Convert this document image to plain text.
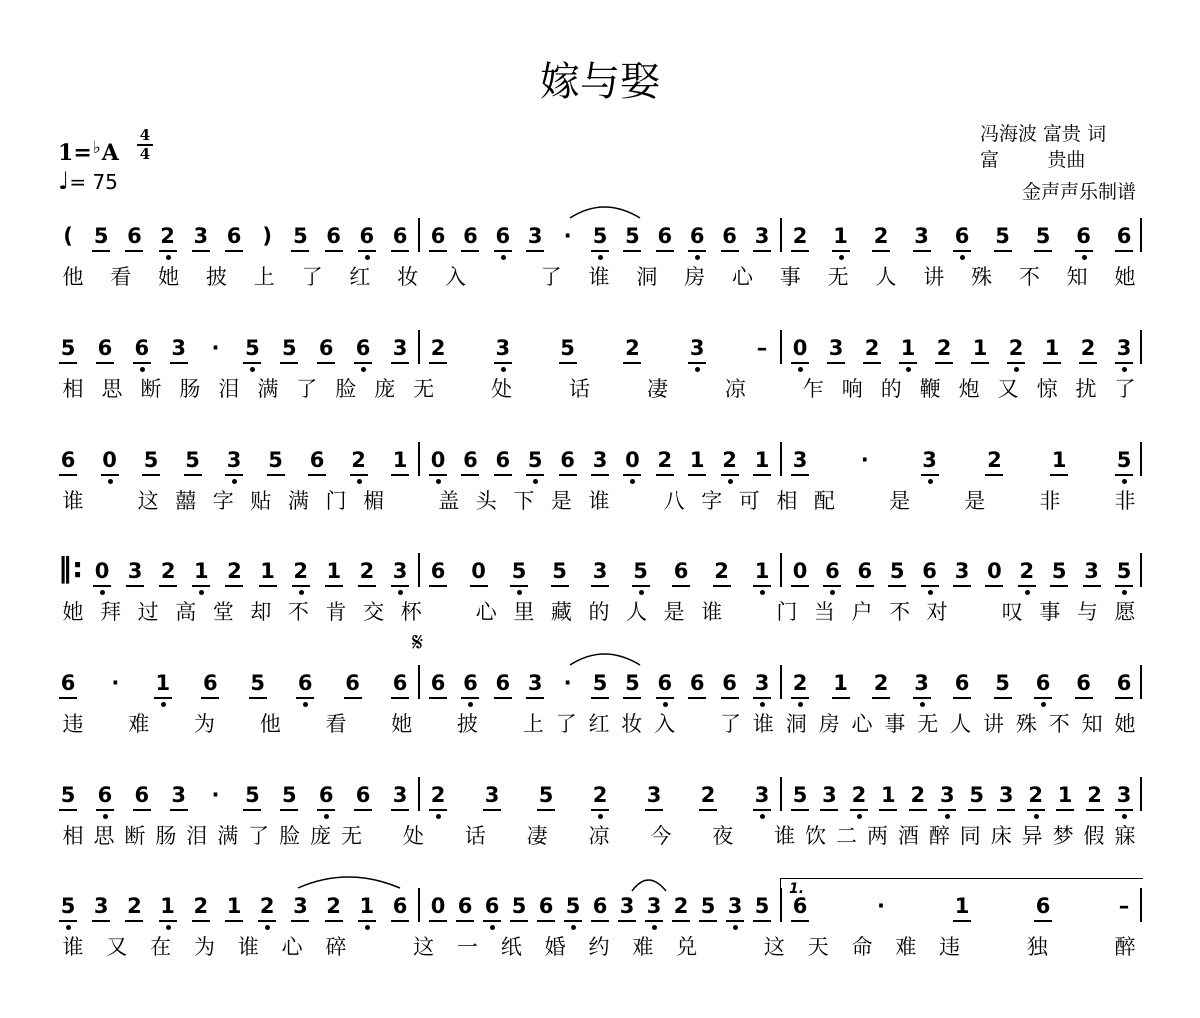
嫁与娶
冯海波 富贵 词
富        贵曲
金声声乐制谱
1=♭A
4
4
♩= 75
( 5 6 2 3 6 ) 5 6 6 6 6 6 6 3 · 5 5 6 6 6 3 2 1 2 3 6 5 5 6 6
他 看 她 披 上 了 红 妆 入	了 谁 洞 房 心 事 无 人 讲 殊 不 知 她
5 6 6 3 · 5 5 6 6 3 2 3 5 2 3 – 0 3 2 1 2 1 2 1 2 3
相 思 断 肠 泪 满 了 脸 庞 无	处	话	凄	凉	乍 响 的 鞭 炮 又 惊 扰 了
6 0 5 5 3 5 6 2 1 0 6 6 5 6 3 0 2 1 2 1 3	·	3 2 1 5
谁	这 囍 字 贴 满 门 楣	盖 头 下 是 谁	八 字 可 相 配	是	是	非	非
‖: 0 3 2 1 2 1 2 1 2 3 6 0 5 5 3 5 6 2 1 0 6 6 5 6 3 0 2 5 3 5
她 拜 过 高 堂 却 不 肯 交 杯	心 里 藏 的 人 是 谁	门 当 户 不 对	叹 事 与 愿
6 · 1 6 5 6 6 6 6 6 6 3 · 5 5 6 6 6 3 2 1 2 3 6 5 6 6 6
违 难 为 他 看 她 披 上 了 红 妆 入 了 谁 洞 房 心 事 无 人 讲 殊 不 知 她
5 6 6 3 · 5 5 6 6 3 2 3 5 2 3 2 3 5 3 2 1 2 3 5 3 2 1 2 3
相 思 断 肠 泪 满 了 脸 庞 无 处 话 凄 凉 今 夜 谁 饮 二 两 酒 醉 同 床 异 梦 假 寐
5 3 2 1 2 1 2 3 2 1 6 0 6 6 5 6 5 6 3 3 2 5 3 5 6	·	1	6	–
谁 又 在 为 谁 心 碎	这 一 纸 婚 约 难 兑	这 天 命 难 违	独	醉
𝄋
1.
